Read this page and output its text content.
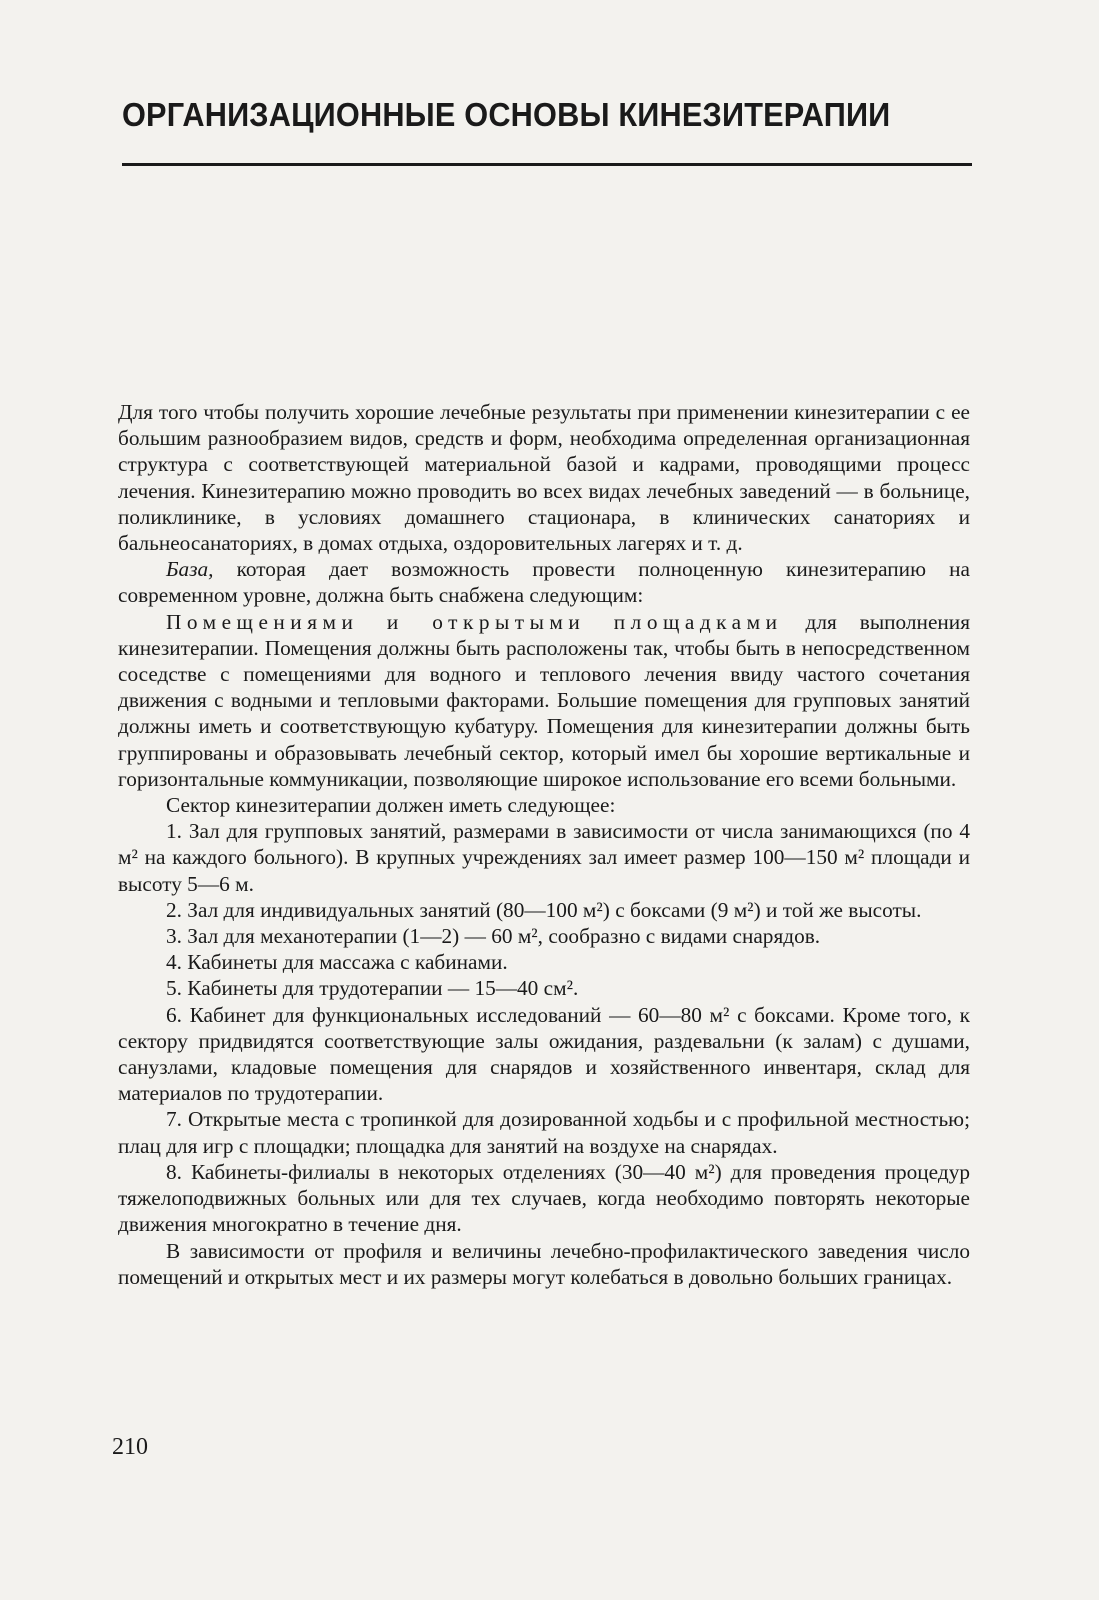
ОРГАНИЗАЦИОННЫЕ ОСНОВЫ КИНЕЗИТЕРАПИИ

Для того чтобы получить хорошие лечебные результаты при применении кинезитерапии с ее большим разнообразием видов, средств и форм, необходима определенная организационная структура с соответствующей материальной базой и кадрами, проводящими процесс лечения. Кинезитерапию можно проводить во всех видах лечебных заведений — в больнице, поликлинике, в условиях домашнего стационара, в клинических санаториях и бальнеосанаториях, в домах отдыха, оздоровительных лагерях и т. д.

База, которая дает возможность провести полноценную кинезитерапию на современном уровне, должна быть снабжена следующим:

Помещениями и открытыми площадками для выполнения кинезитерапии. Помещения должны быть расположены так, чтобы быть в непосредственном соседстве с помещениями для водного и теплового лечения ввиду частого сочетания движения с водными и тепловыми факторами. Большие помещения для групповых занятий должны иметь и соответствующую кубатуру. Помещения для кинезитерапии должны быть группированы и образовывать лечебный сектор, который имел бы хорошие вертикальные и горизонтальные коммуникации, позволяющие широкое использование его всеми больными.

Сектор кинезитерапии должен иметь следующее:

1. Зал для групповых занятий, размерами в зависимости от числа занимающихся (по 4 м² на каждого больного). В крупных учреждениях зал имеет размер 100—150 м² площади и высоту 5—6 м.

2. Зал для индивидуальных занятий (80—100 м²) с боксами (9 м²) и той же высоты.

3. Зал для механотерапии (1—2) — 60 м², сообразно с видами снарядов.

4. Кабинеты для массажа с кабинами.

5. Кабинеты для трудотерапии — 15—40 см².

6. Кабинет для функциональных исследований — 60—80 м² с боксами. Кроме того, к сектору придвидятся соответствующие залы ожидания, раздевальни (к залам) с душами, санузлами, кладовые помещения для снарядов и хозяйственного инвентаря, склад для материалов по трудотерапии.

7. Открытые места с тропинкой для дозированной ходьбы и с профильной местностью; плац для игр с площадки; площадка для занятий на воздухе на снарядах.

8. Кабинеты-филиалы в некоторых отделениях (30—40 м²) для проведения процедур тяжелоподвижных больных или для тех случаев, когда необходимо повторять некоторые движения многократно в течение дня.

В зависимости от профиля и величины лечебно-профилактического заведения число помещений и открытых мест и их размеры могут колебаться в довольно больших границах.

210
